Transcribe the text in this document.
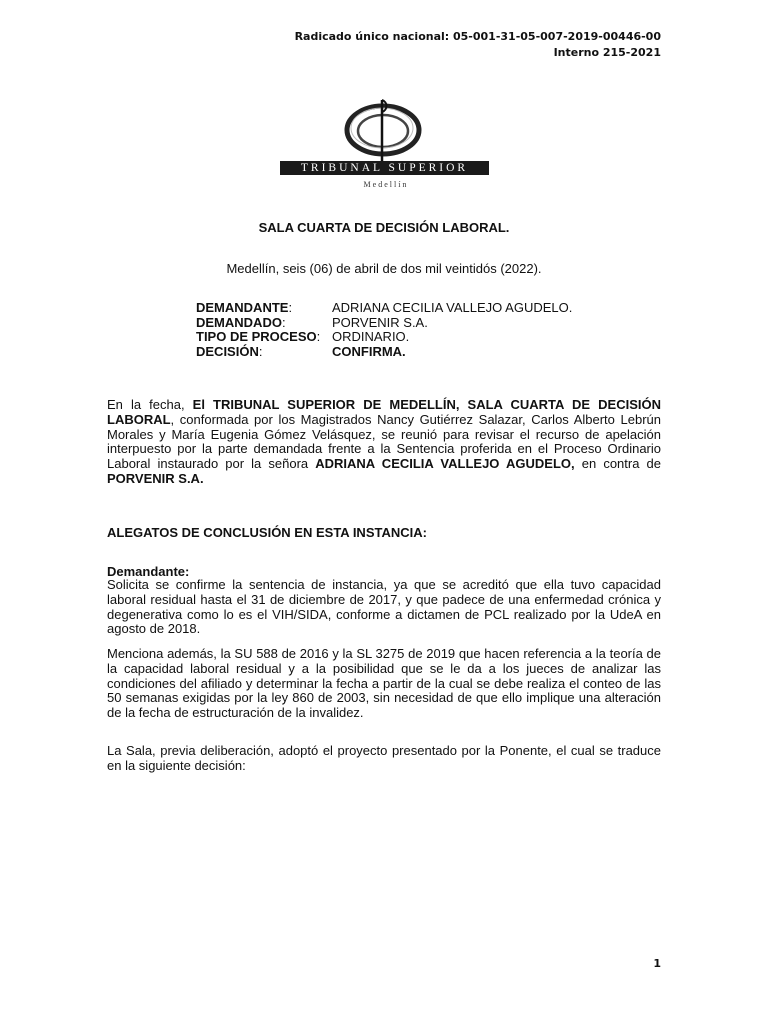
Radicado único nacional: 05-001-31-05-007-2019-00446-00
Interno 215-2021
TRIBUNAL SUPERIOR
Medellín
SALA CUARTA DE DECISIÓN LABORAL.
Medellín, seis (06) de abril de dos mil veintidós (2022).
DEMANDANTE:	ADRIANA CECILIA VALLEJO AGUDELO.
DEMANDADO:	PORVENIR S.A.
TIPO DE PROCESO:	ORDINARIO.
DECISIÓN:	CONFIRMA.

En la fecha, El TRIBUNAL SUPERIOR DE MEDELLÍN, SALA CUARTA DE DECISIÓN LABORAL, conformada por los Magistrados Nancy Gutiérrez Salazar, Carlos Alberto Lebrún Morales y María Eugenia Gómez Velásquez, se reunió para revisar el recurso de apelación interpuesto por la parte demandada frente a la Sentencia proferida en el Proceso Ordinario Laboral instaurado por la señora ADRIANA CECILIA VALLEJO AGUDELO, en contra de PORVENIR S.A.

ALEGATOS DE CONCLUSIÓN EN ESTA INSTANCIA:
Demandante:

Solicita se confirme la sentencia de instancia, ya que se acreditó que ella tuvo capacidad laboral residual hasta el 31 de diciembre de 2017, y que padece de una enfermedad crónica y degenerativa como lo es el VIH/SIDA, conforme a dictamen de PCL realizado por la UdeA en agosto de 2018.

Menciona además, la SU 588 de 2016 y la SL 3275 de 2019 que hacen referencia a la teoría de la capacidad laboral residual y a la posibilidad que se le da a los jueces de analizar las condiciones del afiliado y determinar la fecha a partir de la cual se debe realiza el conteo de las 50 semanas exigidas por la ley 860 de 2003, sin necesidad de que ello implique una alteración de la fecha de estructuración de la invalidez.

La Sala, previa deliberación, adoptó el proyecto presentado por la Ponente, el cual se traduce en la siguiente decisión:

1
